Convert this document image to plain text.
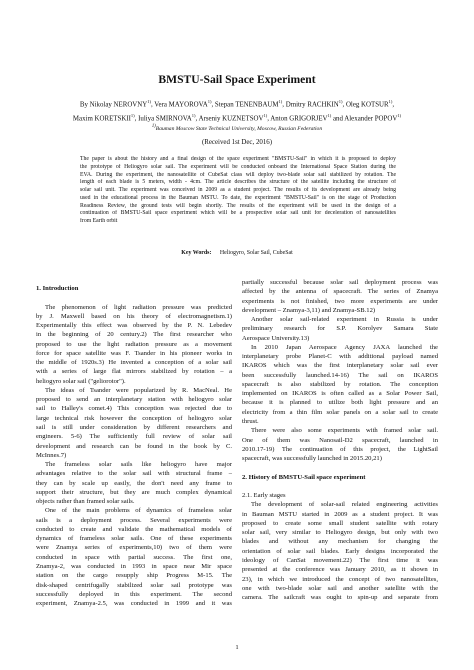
BMSTU-Sail Space Experiment
By Nikolay NEROVNY$^{1)}$, Vera MAYOROVA$^{1)}$, Stepan TENENBAUM$^{1)}$, Dmitry RACHKIN$^{1)}$, Oleg KOTSUR$^{1)}$,
Maxim KORETSKII$^{1)}$, Iuliya SMIRNOVA$^{1)}$, Arseniy KUZNETSOV$^{1)}$, Anton GRIGORJEV$^{1)}$ and Alexander POPOV$^{1)}$
$^{1)}$Bauman Moscow State Technical University, Moscow, Russian Federation
(Received 1st Dec, 2016)
The paper is about the history and a final design of the space experiment "BMSTU-Sail" in which it is proposed to deploy
the prototype of Heliogyro solar sail. The experiment will be conducted onboard the International Space Station during the
EVA. During the experiment, the nanosatellite of CubeSat class will deploy two-blade solar sail stabilized by rotation. The
length of each blade is 5 meters, width - 4cm. The article describes the structure of the satellite including the structure of
solar sail unit. The experiment was conceived in 2009 as a student project. The results of its development are already being
used in the educational process in the Bauman MSTU. To date, the experiment "BMSTU-Sail" is on the stage of Production
Readiness Review, the ground tests will begin shortly. The results of the experiment will be used in the design of a
continuation of BMSTU-Sail space experiment which will be a prospective solar sail unit for deceleration of nanosatellites
from Earth orbit
Key Words: Heliogyro, Solar Sail, CubeSat
1. Introduction
The phenomenon of light radiation pressure was predicted
by J. Maxwell based on his theory of electromagnetism.1)
Experimentally this effect was observed by the P. N. Lebedev
in the beginning of 20 century.2) The first researcher who
proposed to use the light radiation pressure as a movement
force for space satellite was F. Tsander in his pioneer works in
the middle of 1920s.3) He invented a conception of a solar sail
with a series of large flat mirrors stabilized by rotation – a
heliogyro solar sail ("geliorotor").
The ideas of Tsander were popularized by R. MacNeal. He
proposed to send an interplanetary station with heliogyro solar
sail to Halley's comet.4) This conception was rejected due to
large technical risk however the conception of heliogyro solar
sail is still under consideration by different researchers and
engineers. 5-6) The sufficiently full review of solar sail
development and research can be found in the book by C.
McInnes.7)
The frameless solar sails like heliogyro have major
advantages relative to the solar sail with structural frame –
they can by scale up easily, the don't need any frame to
support their structure, but they are much complex dynamical
objects rather than framed solar sails.
One of the main problems of dynamics of frameless solar
sails is a deployment process. Several experiments were
conducted to create and validate the mathematical models of
dynamics of frameless solar sails. One of these experiments
were Znamya series of experiments,10) two of them were
conducted in space with partial success. The first one,
Znamya-2, was conducted in 1993 in space near Mir space
station on the cargo resupply ship Progress M-15. The
disk-shaped centrifugally stabilized solar sail prototype was
successfully deployed in this experiment. The second
experiment, Znamya-2.5, was conducted in 1999 and it was
partially successful because solar sail deployment process was
affected by the antenna of spacecraft. The series of Znamya
experiments is not finished, two more experiments are under
development – Znamya-3,11) and Znamya-SB.12)
Another solar sail-related experiment in Russia is under
preliminary research for S.P. Korolyev Samara State
Aerospace University.13)
In 2010 Japan Aerospace Agency JAXA launched the
interplanetary probe Planet-C with additional payload named
IKAROS which was the first interplanetary solar sail ever
been successfully launched.14-16) The sail on IKAROS
spacecraft is also stabilized by rotation. The conception
implemented on IKAROS is often called as a Solar Power Sail,
because it is planned to utilize both light pressure and an
electricity from a thin film solar panels on a solar sail to create
thrust.
There were also some experiments with framed solar sail.
One of them was Nanosail-D2 spacecraft, launched in
2010.17-19) The continuation of this project, the LightSail
spacecraft, was successfully launched in 2015.20,21)
2. History of BMSTU-Sail space experiment
2.1. Early stages
The development of solar-sail related engineering activities
in Bauman MSTU started in 2009 as a student project. It was
proposed to create some small student satellite with rotary
solar sail, very similar to Heliogyro design, but only with two
blades and without any mechanism for changing the
orientation of solar sail blades. Early designs incorporated the
ideology of CanSat movement.22) The first time it was
presented at the conference was January 2010, as it shown in
23), in which we introduced the concept of two nanosatellites,
one with two-blade solar sail and another satellite with the
camera. The sailcraft was ought to spin-up and separate from
1
